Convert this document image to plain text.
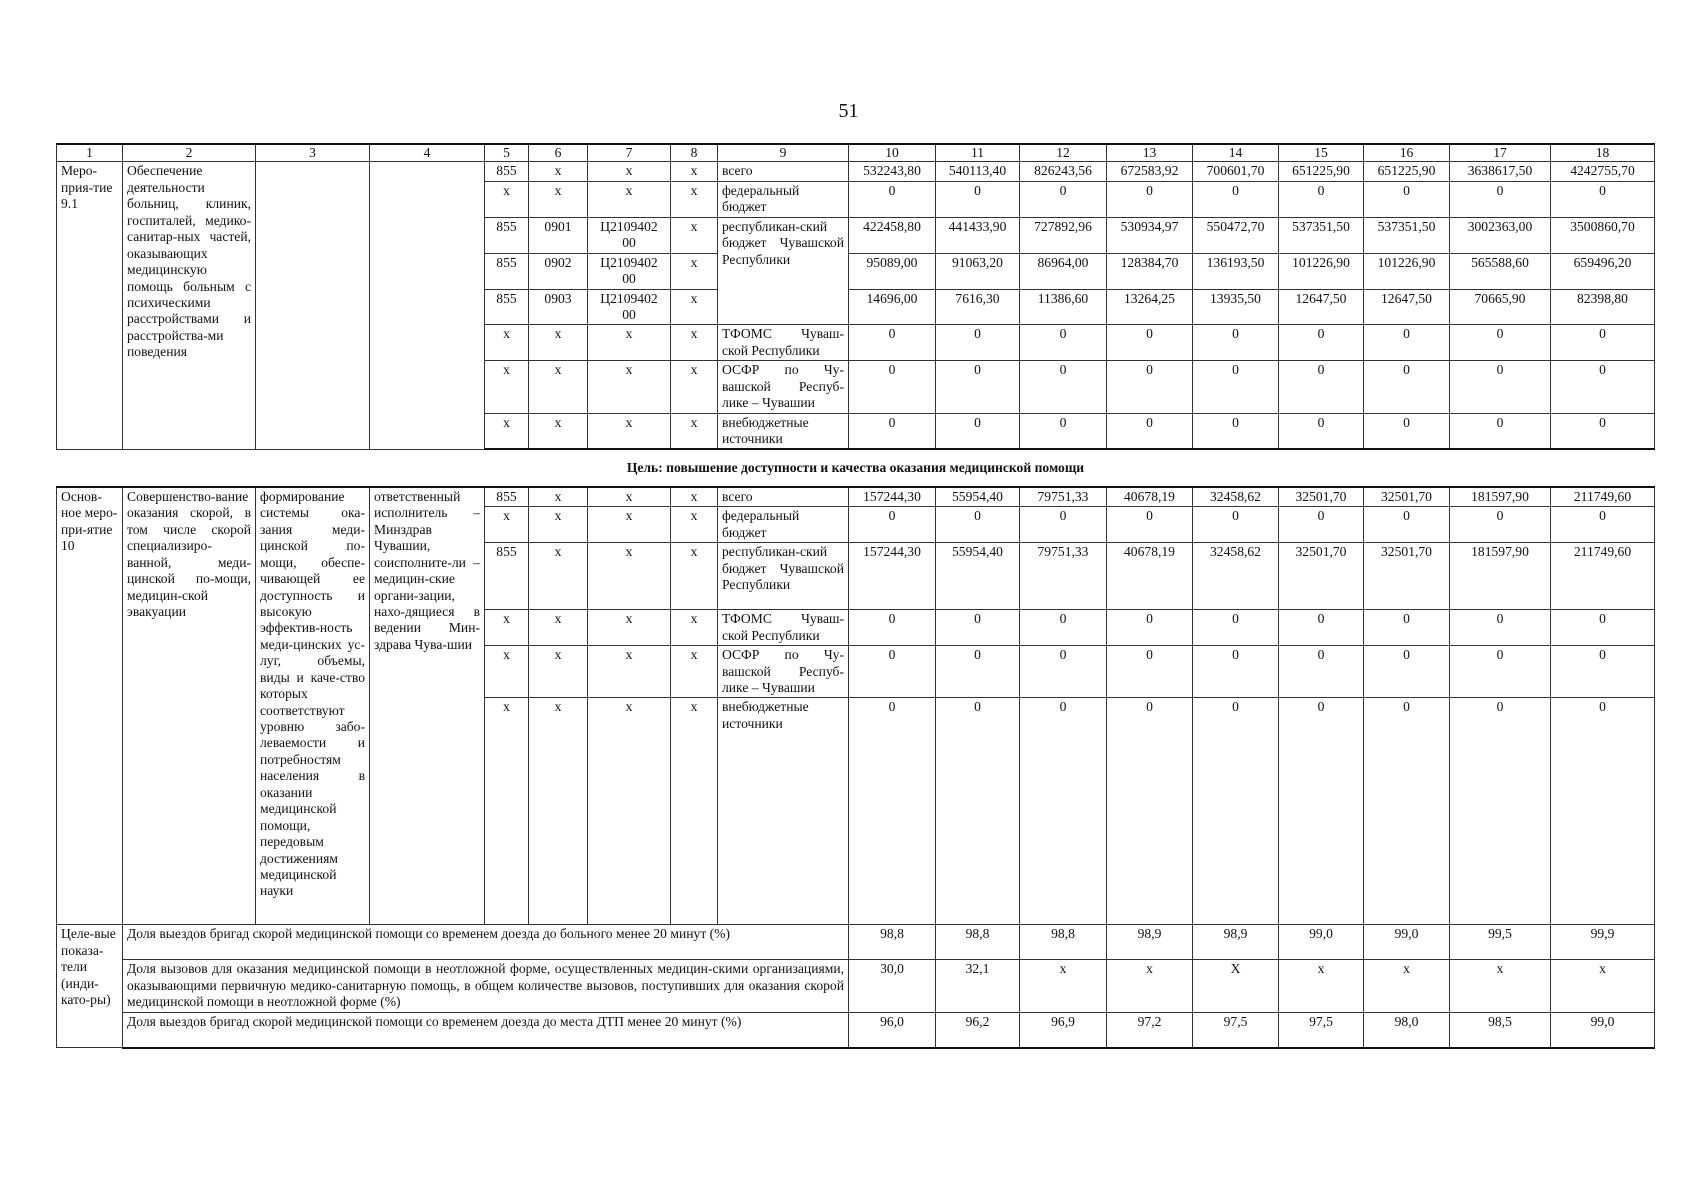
51
1	2	3	4	5	6	7	8	9	10	11	12	13	14	15	16	17	18
Меро-прия-тие 9.1	Обеспечение деятельности больниц, клиник, госпиталей, медико-санитар-ных частей, оказывающих медицинскую помощь больным с психическими расстройствами и расстройства-ми поведения			855	x	x	x	всего	532243,80	540113,40	826243,56	672583,92	700601,70	651225,90	651225,90	3638617,50	4242755,70
				x	x	x	x	федеральный бюджет	0	0	0	0	0	0	0	0	0
				855	0901	Ц2109402 00	x	республикан-ский бюджет Чувашской Республики	422458,80	441433,90	727892,96	530934,97	550472,70	537351,50	537351,50	3002363,00	3500860,70
				855	0902	Ц2109402 00	x		95089,00	91063,20	86964,00	128384,70	136193,50	101226,90	101226,90	565588,60	659496,20
				855	0903	Ц2109402 00	x		14696,00	7616,30	11386,60	13264,25	13935,50	12647,50	12647,50	70665,90	82398,80
				x	x	x	x	ТФОМС Чуваш-ской Республики	0	0	0	0	0	0	0	0	0
				x	x	x	x	ОСФР по Чу-вашской Респуб-лике – Чувашии	0	0	0	0	0	0	0	0	0
				x	x	x	x	внебюджетные источники	0	0	0	0	0	0	0	0	0
Цель: повышение доступности и качества оказания медицинской помощи																	
Основ-ное меро-при-ятие 10	Совершенство-вание оказания скорой, в том числе скорой специализиро-ванной, меди-цинской по-мощи, медицин-ской эвакуации	формирование системы ока-зания меди-цинской по-мощи, обеспе-чивающей ее доступность и высокую эффектив-ность меди-цинских ус-луг, объемы, виды и каче-ство которых соответствуют уровню забо-леваемости и потребностям населения в оказании медицинской помощи, передовым достижениям медицинской науки	ответственный исполнитель – Минздрав Чувашии, соисполните-ли – медицин-ские органи-зации, нахо-дящиеся в ведении Мин-здрава Чува-шии	855	x	x	x	всего	157244,30	55954,40	79751,33	40678,19	32458,62	32501,70	32501,70	181597,90	211749,60
				x	x	x	x	федеральный бюджет	0	0	0	0	0	0	0	0	0
				855	x	x	x	республикан-ский бюджет Чувашской Республики	157244,30	55954,40	79751,33	40678,19	32458,62	32501,70	32501,70	181597,90	211749,60
				x	x	x	x	ТФОМС Чуваш-ской Республики	0	0	0	0	0	0	0	0	0
				x	x	x	x	ОСФР по Чу-вашской Респуб-лике – Чувашии	0	0	0	0	0	0	0	0	0
				x	x	x	x	внебюджетные источники	0	0	0	0	0	0	0	0	0
Целе-вые показа-тели (инди-като-ры)	Доля выездов бригад скорой медицинской помощи со временем доезда до больного менее 20 минут (%)								98,8	98,8	98,8	98,9	98,9	99,0	99,0	99,5	99,9
	Доля вызовов для оказания медицинской помощи в неотложной форме, осуществленных медицин-скими организациями, оказывающими первичную медико-санитарную помощь, в общем количестве вызовов, поступивших для оказания скорой медицинской помощи в неотложной форме (%)								30,0	32,1	x	x	X	x	x	x	x
	Доля выездов бригад скорой медицинской помощи со временем доезда до места ДТП менее 20 минут (%)								96,0	96,2	96,9	97,2	97,5	97,5	98,0	98,5	99,0
